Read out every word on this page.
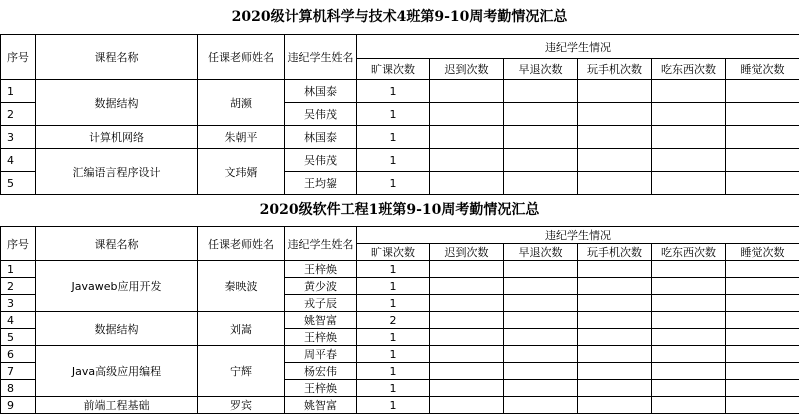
2020级计算机科学与技术4班第9-10周考勤情况汇总
序号	课程名称	任课老师姓名	违纪学生姓名	违纪学生情况					
				旷课次数	迟到次数	早退次数	玩手机次数	吃东西次数	睡觉次数
1	数据结构	胡濒	林国泰	1					
2			吴伟茂	1					
3	计算机网络	朱朝平	林国泰	1					
4	汇编语言程序设计	文玮婿	吴伟茂	1					
5			王均鋆	1					
2020级软件工程1班第9-10周考勤情况汇总
序号	课程名称	任课老师姓名	违纪学生姓名	违纪学生情况					
				旷课次数	迟到次数	早退次数	玩手机次数	吃东西次数	睡觉次数
1	Javaweb应用开发	秦映波	王梓焕	1					
2			黄少波	1					
3			戎子辰	1					
4	数据结构	刘嵩	姚智富	2					
5			王梓焕	1					
6	Java高级应用编程	宁辉	周平春	1					
7			杨宏伟	1					
8			王梓焕	1					
9	前端工程基础	罗宾	姚智富	1					
